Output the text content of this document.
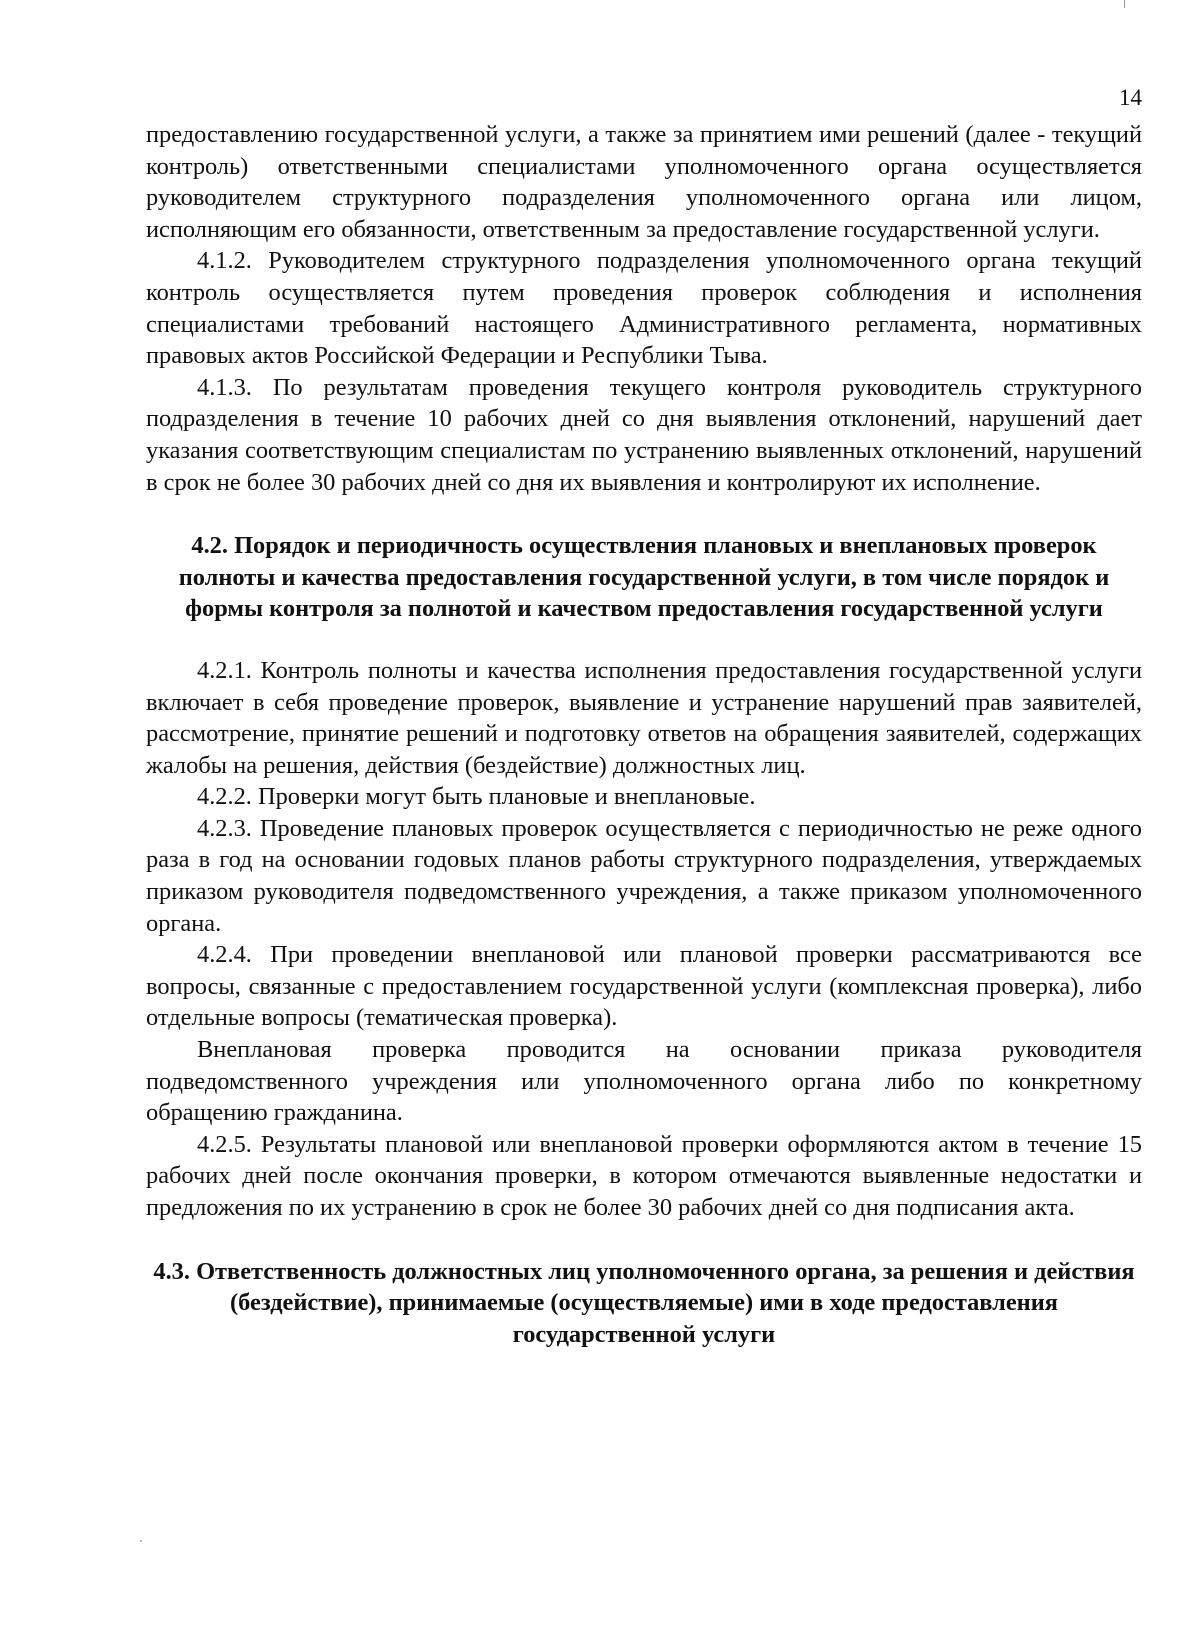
14

предоставлению государственной услуги, а также за принятием ими решений (далее - текущий контроль) ответственными специалистами уполномоченного органа осуществляется руководителем структурного подразделения уполномоченного органа или лицом, исполняющим его обязанности, ответственным за предоставление государственной услуги.

4.1.2. Руководителем структурного подразделения уполномоченного органа текущий контроль осуществляется путем проведения проверок соблюдения и исполнения специалистами требований настоящего Административного регламента, нормативных правовых актов Российской Федерации и Республики Тыва.

4.1.3. По результатам проведения текущего контроля руководитель структурного подразделения в течение 10 рабочих дней со дня выявления отклонений, нарушений дает указания соответствующим специалистам по устранению выявленных отклонений, нарушений в срок не более 30 рабочих дней со дня их выявления и контролируют их исполнение.

4.2. Порядок и периодичность осуществления плановых и внеплановых проверок полноты и качества предоставления государственной услуги, в том числе порядок и формы контроля за полнотой и качеством предоставления государственной услуги

4.2.1. Контроль полноты и качества исполнения предоставления государственной услуги включает в себя проведение проверок, выявление и устранение нарушений прав заявителей, рассмотрение, принятие решений и подготовку ответов на обращения заявителей, содержащих жалобы на решения, действия (бездействие) должностных лиц.

4.2.2. Проверки могут быть плановые и внеплановые.

4.2.3. Проведение плановых проверок осуществляется с периодичностью не реже одного раза в год на основании годовых планов работы структурного подразделения, утверждаемых приказом руководителя подведомственного учреждения, а также приказом уполномоченного органа.

4.2.4. При проведении внеплановой или плановой проверки рассматриваются все вопросы, связанные с предоставлением государственной услуги (комплексная проверка), либо отдельные вопросы (тематическая проверка).

Внеплановая проверка проводится на основании приказа руководителя подведомственного учреждения или уполномоченного органа либо по конкретному обращению гражданина.

4.2.5. Результаты плановой или внеплановой проверки оформляются актом в течение 15 рабочих дней после окончания проверки, в котором отмечаются выявленные недостатки и предложения по их устранению в срок не более 30 рабочих дней со дня подписания акта.

4.3. Ответственность должностных лиц уполномоченного органа, за решения и действия (бездействие), принимаемые (осуществляемые) ими в ходе предоставления государственной услуги
